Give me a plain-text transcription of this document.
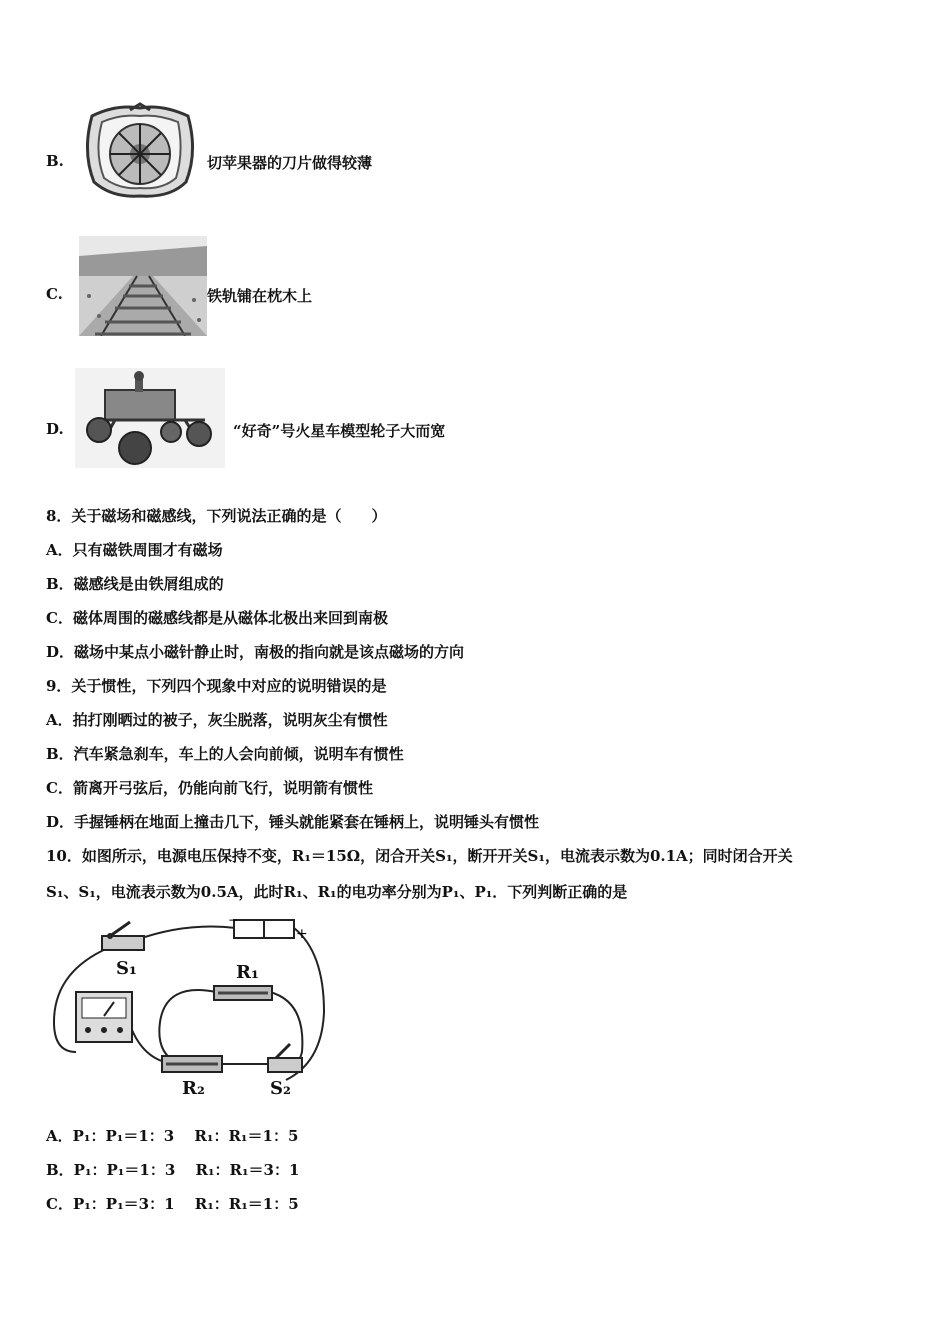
B.	切苹果器的刀片做得较薄
C.	铁轨铺在枕木上
D.	“好奇”号火星车模型轮子大而宽
8．关于磁场和磁感线，下列说法正确的是（　　）
A．只有磁铁周围才有磁场
B．磁感线是由铁屑组成的
C．磁体周围的磁感线都是从磁体北极出来回到南极
D．磁场中某点小磁针静止时，南极的指向就是该点磁场的方向
9．关于惯性，下列四个现象中对应的说明错误的是
A．拍打刚晒过的被子，灰尘脱落，说明灰尘有惯性
B．汽车紧急刹车，车上的人会向前倾，说明车有惯性
C．箭离开弓弦后，仍能向前飞行，说明箭有惯性
D．手握锤柄在地面上撞击几下，锤头就能紧套在锤柄上，说明锤头有惯性
10．如图所示，电源电压保持不变，R₁＝15Ω，闭合开关S₁，断开开关S₁，电流表示数为0.1A；同时闭合开关
S₁、S₁，电流表示数为0.5A，此时R₁、R₁的电功率分别为P₁、P₁．下列判断正确的是
−
+
S₁	R₁
R₂	S₂
A．P₁：P₁＝1：3　 R₁：R₁＝1：5
B．P₁：P₁＝1：3　 R₁：R₁＝3：1
C．P₁：P₁＝3：1　 R₁：R₁＝1：5
